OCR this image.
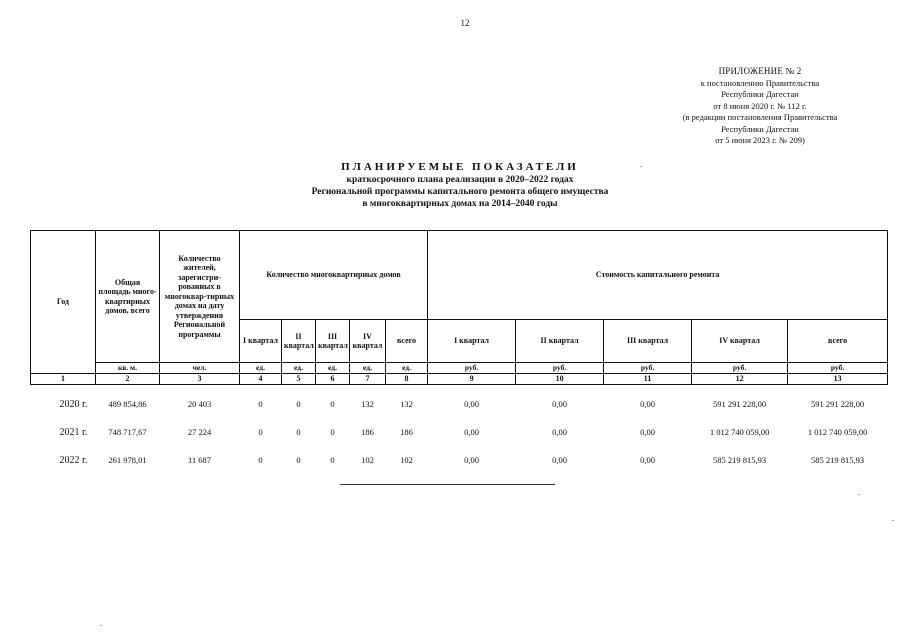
12
ПРИЛОЖЕНИЕ № 2
к постановлению Правительства
Республики Дагестан
от 8 июня 2020 г. № 112 г.
(в редакции постановления Правительства
Республики Дагестан
от 5 июня 2023 г. № 209)
ПЛАНИРУЕМЫЕ ПОКАЗАТЕЛИ
краткосрочного плана реализации в 2020–2022 годах
Региональной программы капитального ремонта общего имущества
в многоквартирных домах на 2014–2040 годы
Год	Общая площадь много-квартирных домов, всего	Количество жителей, зарегистри-рованных в многоквар-тирных домах на дату утверждения Региональной программы	Количество многоквартирных домов					Стоимость капитального ремонта				
			I квартал	II квартал	III квартал	IV квартал	всего	I квартал	II квартал	III квартал	IV квартал	всего
	кв. м.	чел.	ед.	ед.	ед.	ед.	ед.	руб.	руб.	руб.	руб.	руб.
1	2	3	4	5	6	7	8	9	10	11	12	13
2020 г.	489 854,86	20 403	0	0	0	132	132	0,00	0,00	0,00	591 291 228,00	591 291 228,00
2021 г.	748 717,67	27 224	0	0	0	186	186	0,00	0,00	0,00	1 012 740 059,00	1 012 740 059,00
2022 г.	261 978,01	11 687	0	0	0	102	102	0,00	0,00	0,00	585 219 815,93	585 219 815,93
